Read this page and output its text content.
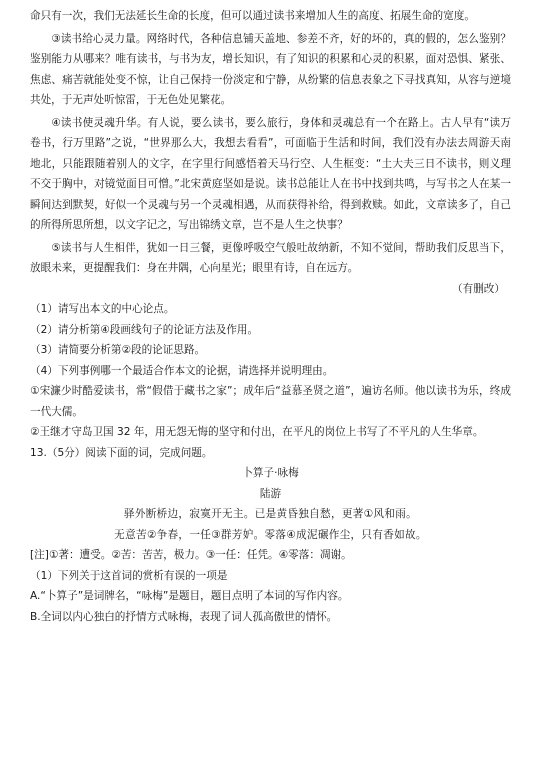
命只有一次，我们无法延长生命的长度，但可以通过读书来增加人生的高度、拓展生命的宽度。

③读书给心灵力量。网络时代，各种信息铺天盖地、参差不齐，好的坏的，真的假的，怎么鉴别？鉴别能力从哪来？唯有读书，与书为友，增长知识，有了知识的积累和心灵的积累，面对恐惧、紧张、焦虑、痛苦就能处变不惊，让自己保持一份淡定和宁静，从纷繁的信息表象之下寻找真知，从容与逆境共处，于无声处听惊雷，于无色处见繁花。

④读书使灵魂升华。有人说，要么读书，要么旅行，身体和灵魂总有一个在路上。古人早有“读万卷书，行万里路”之说，“世界那么大，我想去看看”，可面临于生活和时间，我们没有办法去周游天南地北，只能跟随着别人的文字，在字里行间感悟着天马行空、人生框变：“土大夫三日不读书，则义理不交于胸中，对镜觉面目可憎。”北宋黄庭坚如是说。读书总能让人在书中找到共鸣，与写书之人在某一瞬间达到默契，好似一个灵魂与另一个灵魂相遇，从而获得补给，得到救赎。如此，文章读多了，自己的所得所思所想，以文字记之，写出锦绣文章，岂不是人生之快事？

⑤读书与人生相伴，犹如一日三餐，更像呼吸空气般吐故纳新，不知不觉间，帮助我们反思当下，放眼未来，更提醒我们：身在井隅，心向星光；眼里有诗，自在远方。

（有删改）

（1）请写出本文的中心论点。

（2）请分析第④段画线句子的论证方法及作用。

（3）请简要分析第②段的论证思路。

（4）下列事例哪一个最适合作本文的论据，请选择并说明理由。

①宋濂少时酷爱读书，常“假借于藏书之家”；成年后“益慕圣贤之道”，遍访名师。他以读书为乐，终成一代大儒。

②王继才守岛卫国 32 年，用无怨无悔的坚守和付出，在平凡的岗位上书写了不平凡的人生华章。

13.（5分）阅读下面的词，完成问题。

卜算子·咏梅

陆游

驿外断桥边，寂寞开无主。已是黄昏独自愁，更著①风和雨。

无意苦②争春，一任③群芳妒。零落④成泥碾作尘，只有香如故。

[注]①著：遭受。②苦：苦苦，极力。③一任：任凭。④零落：凋谢。

（1）下列关于这首词的赏析有误的一项是

A.“卜算子”是词牌名，“咏梅”是题目，题目点明了本词的写作内容。

B.全词以内心独白的抒情方式咏梅，表现了词人孤高傲世的情怀。
